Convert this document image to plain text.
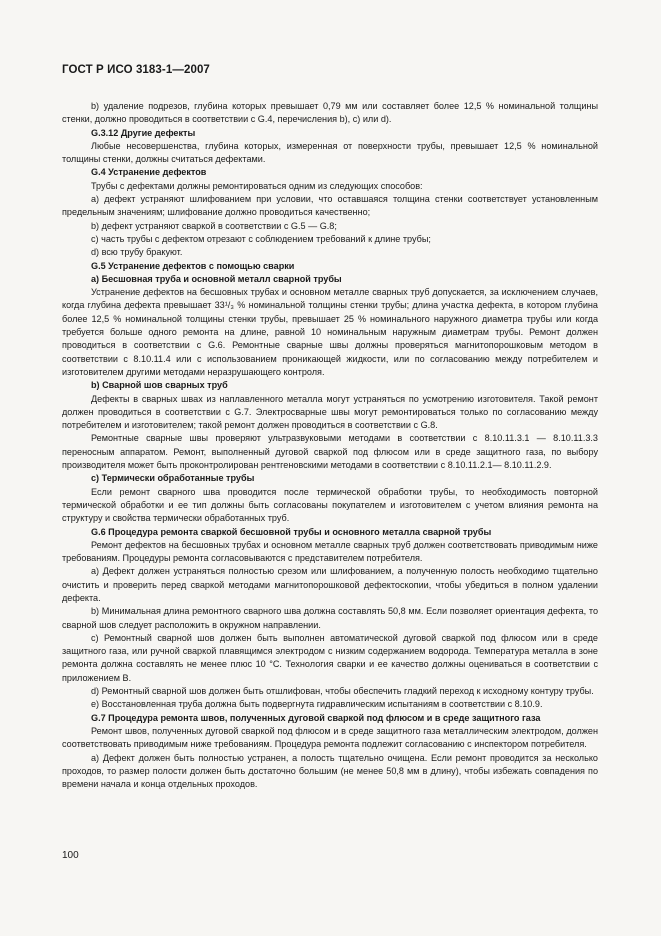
ГОСТ Р ИСО 3183-1—2007

b) удаление подрезов, глубина которых превышает 0,79 мм или составляет более 12,5 % номинальной толщины стенки, должно проводиться в соответствии с G.4, перечисления b), c) или d).

G.3.12 Другие дефекты

Любые несовершенства, глубина которых, измеренная от поверхности трубы, превышает 12,5 % номинальной толщины стенки, должны считаться дефектами.

G.4 Устранение дефектов

Трубы с дефектами должны ремонтироваться одним из следующих способов:

a) дефект устраняют шлифованием при условии, что оставшаяся толщина стенки соответствует установленным предельным значениям; шлифование должно проводиться качественно;

b) дефект устраняют сваркой в соответствии с G.5 — G.8;

c) часть трубы с дефектом отрезают с соблюдением требований к длине трубы;

d) всю трубу бракуют.

G.5 Устранение дефектов с помощью сварки

a) Бесшовная труба и основной металл сварной трубы

Устранение дефектов на бесшовных трубах и основном металле сварных труб допускается, за исключением случаев, когда глубина дефекта превышает 33¹/₃ % номинальной толщины стенки трубы; длина участка дефекта, в котором глубина более 12,5 % номинальной толщины стенки трубы, превышает 25 % номинального наружного диаметра трубы или когда требуется больше одного ремонта на длине, равной 10 номинальным наружным диаметрам трубы. Ремонт должен проводиться в соответствии с G.6. Ремонтные сварные швы должны проверяться магнитопорошковым методом в соответствии с 8.10.11.4 или с использованием проникающей жидкости, или по согласованию между потребителем и изготовителем другими методами неразрушающего контроля.

b) Сварной шов сварных труб

Дефекты в сварных швах из наплавленного металла могут устраняться по усмотрению изготовителя. Такой ремонт должен проводиться в соответствии с G.7. Электросварные швы могут ремонтироваться только по согласованию между потребителем и изготовителем; такой ремонт должен проводиться в соответствии с G.8.

Ремонтные сварные швы проверяют ультразвуковыми методами в соответствии с 8.10.11.3.1 — 8.10.11.3.3 переносным аппаратом. Ремонт, выполненный дуговой сваркой под флюсом или в среде защитного газа, по выбору производителя может быть проконтролирован рентгеновскими методами в соответствии с 8.10.11.2.1— 8.10.11.2.9.

c) Термически обработанные трубы

Если ремонт сварного шва проводится после термической обработки трубы, то необходимость повторной термической обработки и ее тип должны быть согласованы покупателем и изготовителем с учетом влияния ремонта на структуру и свойства термически обработанных труб.

G.6 Процедура ремонта сваркой бесшовной трубы и основного металла сварной трубы

Ремонт дефектов на бесшовных трубах и основном металле сварных труб должен соответствовать приводимым ниже требованиям. Процедуры ремонта согласовываются с представителем потребителя.

a) Дефект должен устраняться полностью срезом или шлифованием, а полученную полость необходимо тщательно очистить и проверить перед сваркой методами магнитопорошковой дефектоскопии, чтобы убедиться в полном удалении дефекта.

b) Минимальная длина ремонтного сварного шва должна составлять 50,8 мм. Если позволяет ориентация дефекта, то сварной шов следует расположить в окружном направлении.

c) Ремонтный сварной шов должен быть выполнен автоматической дуговой сваркой под флюсом или в среде защитного газа, или ручной сваркой плавящимся электродом с низким содержанием водорода. Температура металла в зоне ремонта должна составлять не менее плюс 10 °С. Технология сварки и ее качество должны оцениваться в соответствии с приложением B.

d) Ремонтный сварной шов должен быть отшлифован, чтобы обеспечить гладкий переход к исходному контуру трубы.

e) Восстановленная труба должна быть подвергнута гидравлическим испытаниям в соответствии с 8.10.9.

G.7 Процедура ремонта швов, полученных дуговой сваркой под флюсом и в среде защитного газа

Ремонт швов, полученных дуговой сваркой под флюсом и в среде защитного газа металлическим электродом, должен соответствовать приводимым ниже требованиям. Процедура ремонта подлежит согласованию с инспектором потребителя.

a) Дефект должен быть полностью устранен, а полость тщательно очищена. Если ремонт проводится за несколько проходов, то размер полости должен быть достаточно большим (не менее 50,8 мм в длину), чтобы избежать совпадения по времени начала и конца отдельных проходов.

100
